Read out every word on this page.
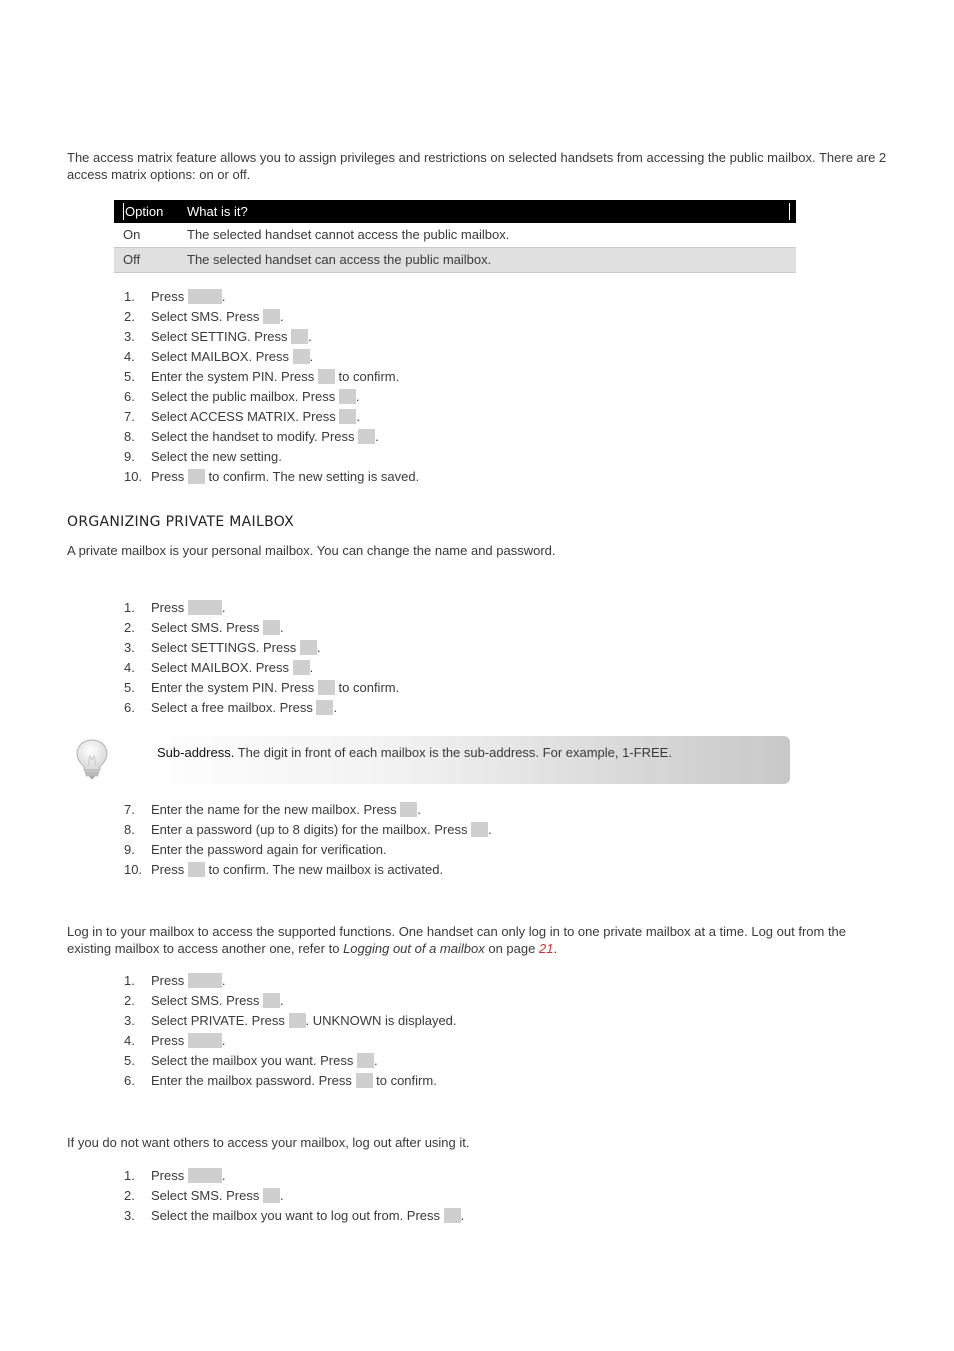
The access matrix feature allows you to assign privileges and restrictions on selected handsets from accessing the public mailbox. There are 2 access matrix options: on or off.
Option What is it?
On	The selected handset cannot access the public mailbox.
Off	The selected handset can access the public mailbox.
1.	Press	.
2.	Select SMS. Press .
3.	Select SETTING. Press .
4.	Select MAILBOX. Press .
5.	Enter the system PIN. Press to confirm.
6.	Select the public mailbox. Press .
7.	Select ACCESS MATRIX. Press .
8.	Select the handset to modify. Press .
9.	Select the new setting.
10. Press to confirm. The new setting is saved.
ORGANIZING PRIVATE MAILBOX
A private mailbox is your personal mailbox. You can change the name and password.
1.	Press	.
2.	Select SMS. Press .
3.	Select SETTINGS. Press .
4.	Select MAILBOX. Press .
5.	Enter the system PIN. Press to confirm.
6.	Select a free mailbox. Press .
Sub-address. The digit in front of each mailbox is the sub-address. For example, 1-FREE.
7.	Enter the name for the new mailbox. Press .
8.	Enter a password (up to 8 digits) for the mailbox. Press .
9.	Enter the password again for verification.
10. Press to confirm. The new mailbox is activated.
Log in to your mailbox to access the supported functions. One handset can only log in to one private mailbox at a time. Log out from the existing mailbox to access another one, refer to Logging out of a mailbox on page 21.
1.	Press	.
2.	Select SMS. Press .
3.	Select PRIVATE. Press . UNKNOWN is displayed.
4.	Press	.
5.	Select the mailbox you want. Press .
6.	Enter the mailbox password. Press to confirm.
If you do not want others to access your mailbox, log out after using it.
1.	Press	.
2.	Select SMS. Press .
3.	Select the mailbox you want to log out from. Press .
